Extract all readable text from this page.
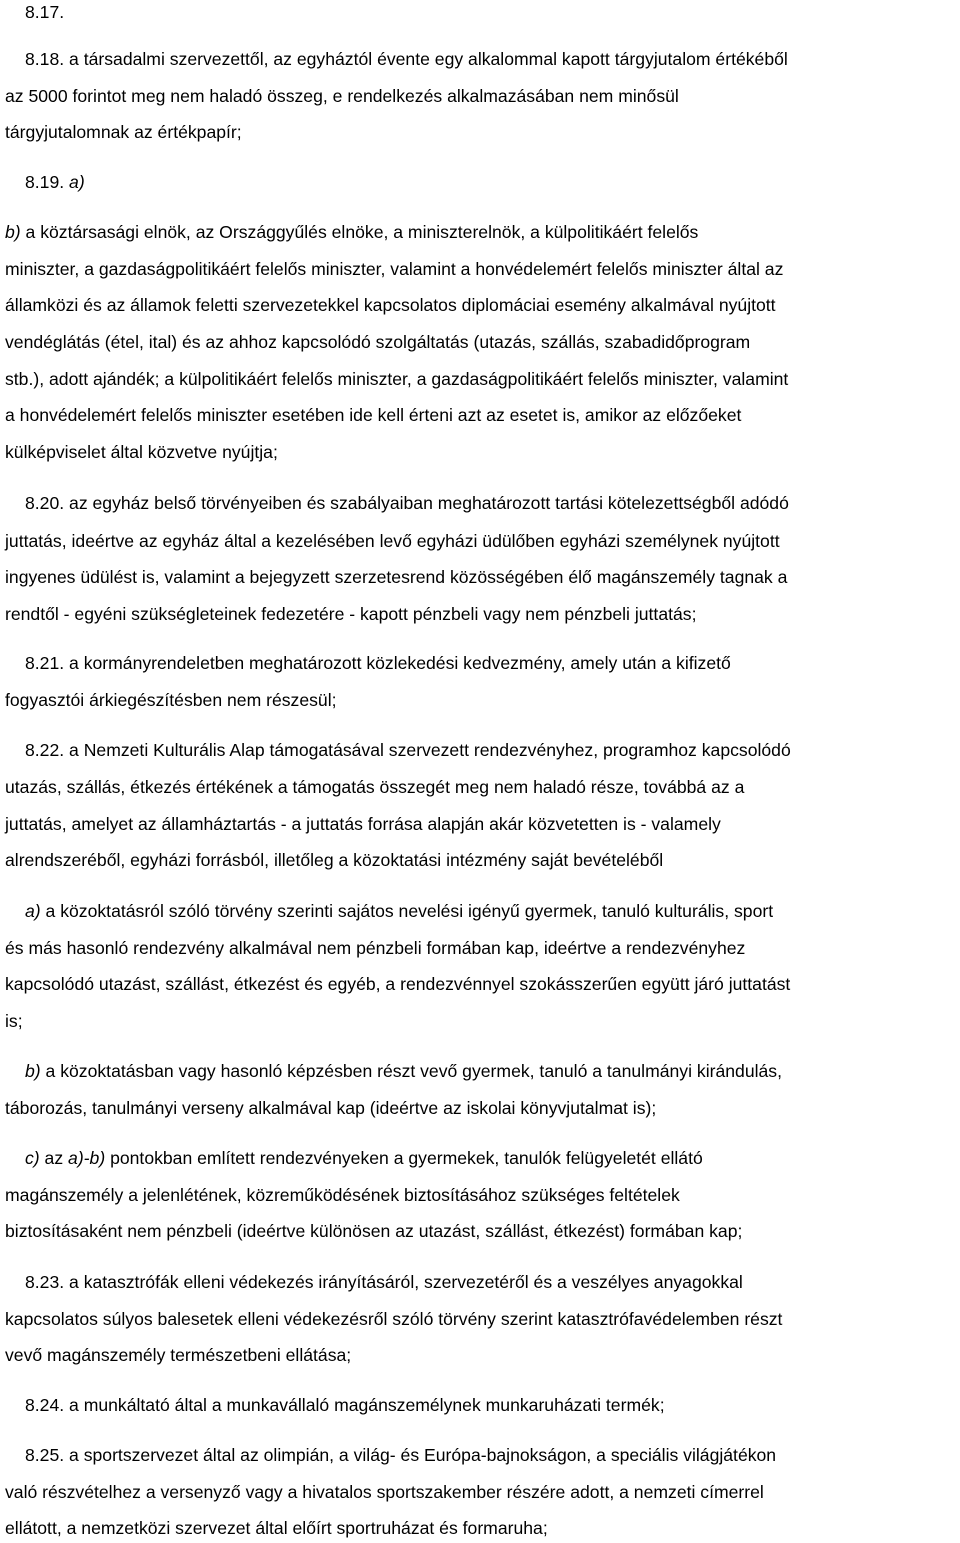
8.17.
8.18. a társadalmi szervezettől, az egyháztól évente egy alkalommal kapott tárgyjutalom értékéből
az 5000 forintot meg nem haladó összeg, e rendelkezés alkalmazásában nem minősül
tárgyjutalomnak az értékpapír;
8.19. a)
b) a köztársasági elnök, az Országgyűlés elnöke, a miniszterelnök, a külpolitikáért felelős
miniszter, a gazdaságpolitikáért felelős miniszter, valamint a honvédelemért felelős miniszter által az
államközi és az államok feletti szervezetekkel kapcsolatos diplomáciai esemény alkalmával nyújtott
vendéglátás (étel, ital) és az ahhoz kapcsolódó szolgáltatás (utazás, szállás, szabadidőprogram
stb.), adott ajándék; a külpolitikáért felelős miniszter, a gazdaságpolitikáért felelős miniszter, valamint
a honvédelemért felelős miniszter esetében ide kell érteni azt az esetet is, amikor az előzőeket
külképviselet által közvetve nyújtja;
8.20. az egyház belső törvényeiben és szabályaiban meghatározott tartási kötelezettségből adódó
juttatás, ideértve az egyház által a kezelésében levő egyházi üdülőben egyházi személynek nyújtott
ingyenes üdülést is, valamint a bejegyzett szerzetesrend közösségében élő magánszemély tagnak a
rendtől - egyéni szükségleteinek fedezetére - kapott pénzbeli vagy nem pénzbeli juttatás;
8.21. a kormányrendeletben meghatározott közlekedési kedvezmény, amely után a kifizető
fogyasztói árkiegészítésben nem részesül;
8.22. a Nemzeti Kulturális Alap támogatásával szervezett rendezvényhez, programhoz kapcsolódó
utazás, szállás, étkezés értékének a támogatás összegét meg nem haladó része, továbbá az a
juttatás, amelyet az államháztartás - a juttatás forrása alapján akár közvetetten is - valamely
alrendszeréből, egyházi forrásból, illetőleg a közoktatási intézmény saját bevételéből
a) a közoktatásról szóló törvény szerinti sajátos nevelési igényű gyermek, tanuló kulturális, sport
és más hasonló rendezvény alkalmával nem pénzbeli formában kap, ideértve a rendezvényhez
kapcsolódó utazást, szállást, étkezést és egyéb, a rendezvénnyel szokásszerűen együtt járó juttatást
is;
b) a közoktatásban vagy hasonló képzésben részt vevő gyermek, tanuló a tanulmányi kirándulás,
táborozás, tanulmányi verseny alkalmával kap (ideértve az iskolai könyvjutalmat is);
c) az a)-b) pontokban említett rendezvényeken a gyermekek, tanulók felügyeletét ellátó
magánszemély a jelenlétének, közreműködésének biztosításához szükséges feltételek
biztosításaként nem pénzbeli (ideértve különösen az utazást, szállást, étkezést) formában kap;
8.23. a katasztrófák elleni védekezés irányításáról, szervezetéről és a veszélyes anyagokkal
kapcsolatos súlyos balesetek elleni védekezésről szóló törvény szerint katasztrófavédelemben részt
vevő magánszemély természetbeni ellátása;
8.24. a munkáltató által a munkavállaló magánszemélynek munkaruházati termék;
8.25. a sportszervezet által az olimpián, a világ- és Európa-bajnokságon, a speciális világjátékon
való részvételhez a versenyző vagy a hivatalos sportszakember részére adott, a nemzeti címerrel
ellátott, a nemzetközi szervezet által előírt sportruházat és formaruha;
